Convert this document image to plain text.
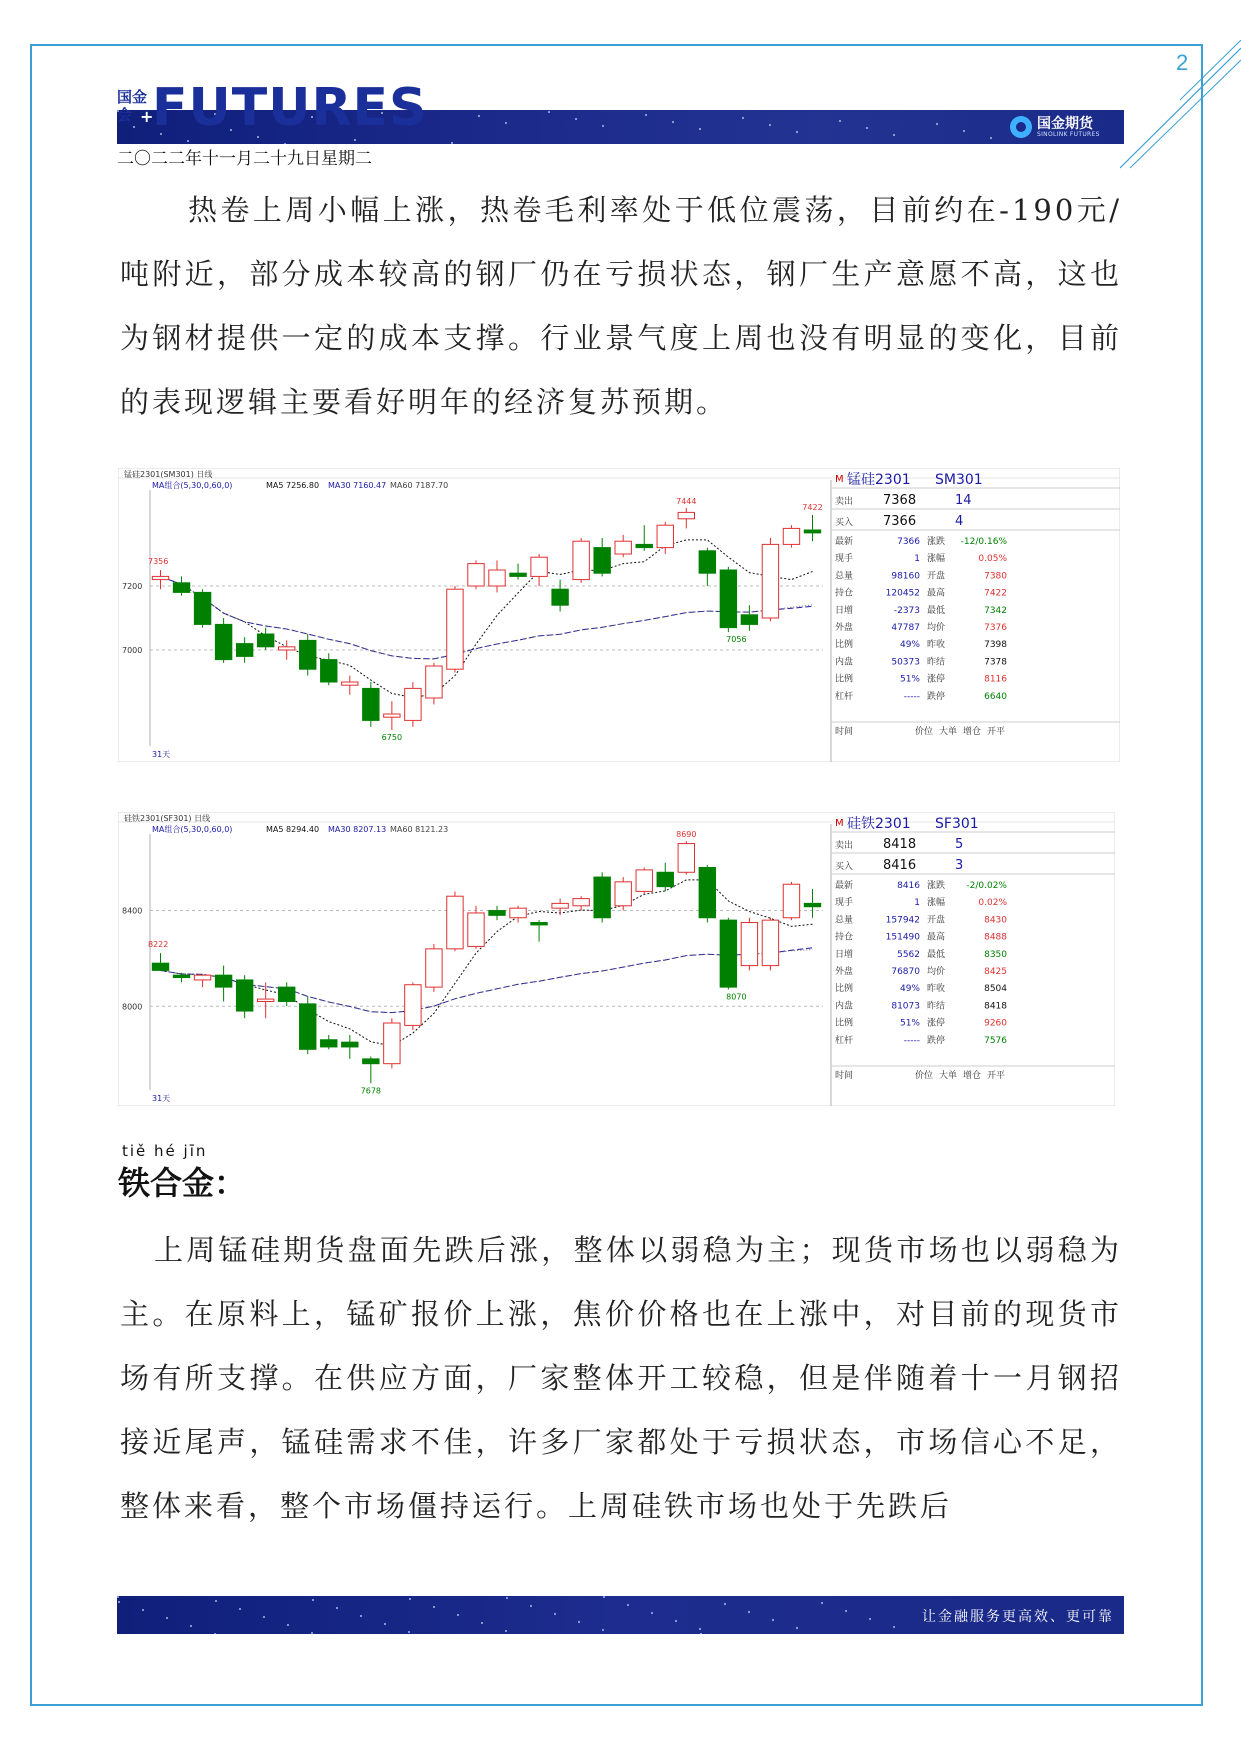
2
国金会 +
FUTURES	国金期货
SINOLINK FUTURES
二〇二二年十一月二十九日星期二

热卷上周小幅上涨，热卷毛利率处于低位震荡，目前约在-190元/吨附近，部分成本较高的钢厂仍在亏损状态，钢厂生产意愿不高，这也为钢材提供一定的成本支撑。行业景气度上周也没有明显的变化，目前的表现逻辑主要看好明年的经济复苏预期。

锰硅2301(SM301) 日线
MA组合(5,30,0,60,0)	MA5 7256.80 MA30 7160.47 MA60 7187.70
7200
7000
7444
6750
7356
7422
7056
31天
M 锰硅2301 SM301
卖出 7368	14
买入 7366	4
最新	7366 涨跌 -12/0.16%
现手	1 涨幅	0.05%
总量	98160 开盘	7380
持仓	120452 最高	7422
日增	-2373 最低	7342
外盘	47787 均价	7376
比例	49% 昨收	7398
内盘	50373 昨结	7378
比例	51% 涨停	8116
杠杆	----- 跌停	6640
时间	价位 大单 增仓 开平
硅铁2301(SF301) 日线
MA组合(5,30,0,60,0)	MA5 8294.40 MA30 8207.13 MA60 8121.23
8400
8000
8690
7678
8222
8070
31天
M 硅铁2301 SF301
卖出 8418	5
买入 8416	3
最新	8416 涨跌 -2/0.02%
现手	1 涨幅	0.02%
总量	157942 开盘	8430
持仓	151490 最高	8488
日增	5562 最低	8350
外盘	76870 均价	8425
比例	49% 昨收	8504
内盘	81073 昨结	8418
比例	51% 涨停	9260
杠杆	----- 跌停	7576
时间	价位 大单 增仓 开平
tiě hé jīn
铁合金：

上周锰硅期货盘面先跌后涨，整体以弱稳为主；现货市场也以弱稳为主。在原料上，锰矿报价上涨，焦价价格也在上涨中，对目前的现货市场有所支撑。在供应方面，厂家整体开工较稳，但是伴随着十一月钢招接近尾声，锰硅需求不佳，许多厂家都处于亏损状态，市场信心不足，整体来看，整个市场僵持运行。上周硅铁市场也处于先跌后

让金融服务更高效、更可靠
